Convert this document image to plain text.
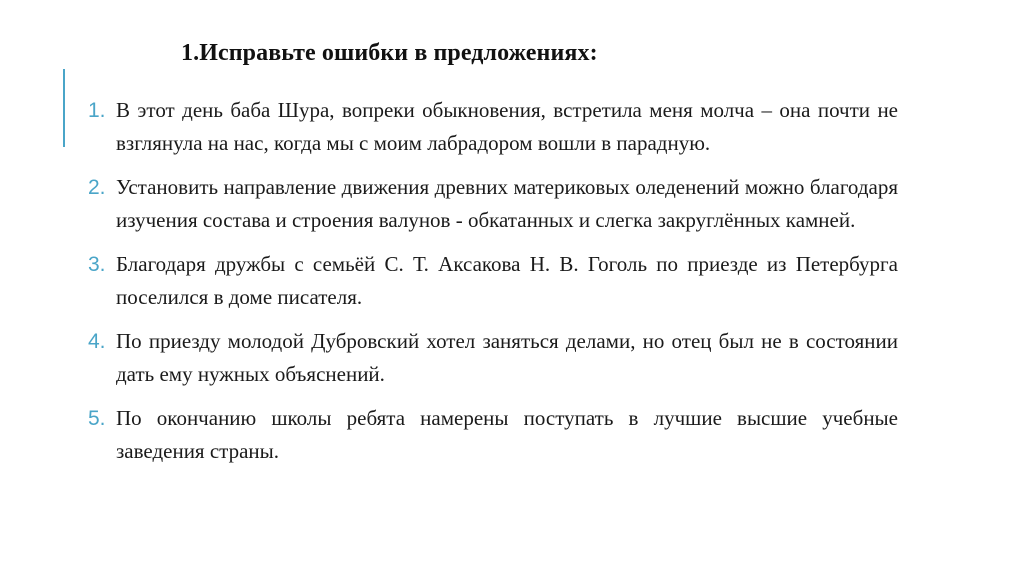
1.Исправьте ошибки в предложениях:
1. В этот день баба Шура, вопреки обыкновения, встретила меня молча – она почти не взглянула на нас, когда мы с моим лабрадором вошли в парадную.
2. Установить направление движения древних материковых оледенений можно благодаря изучения состава и строения валунов - обкатанных и слегка закруглённых камней.
3. Благодаря дружбы с семьёй С. Т. Аксакова Н. В. Гоголь по приезде из Петербурга поселился в доме писателя.
4. По приезду молодой Дубровский хотел заняться делами, но отец был не в состоянии дать ему нужных объяснений.
5. По окончанию школы ребята намерены поступать в лучшие высшие учебные заведения страны.
